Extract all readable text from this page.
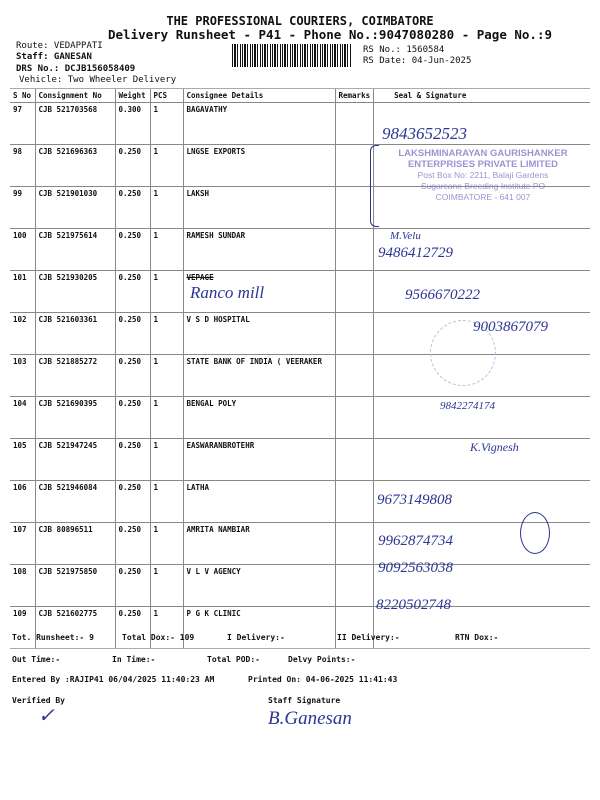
THE PROFESSIONAL COURIERS, COIMBATORE
Delivery Runsheet - P41 - Phone No.:9047080280 - Page No.:9
Route: VEDAPPATI
Staff: GANESAN
DRS No.: DCJB156058409
Vehicle: Two Wheeler Delivery
RS No.: 1560584
RS Date: 04-Jun-2025
S No	Consignment No	Weight	PCS	Consignee Details	Remarks	Seal & Signature
97	CJB 521703568	0.300	1	BAGAVATHY		
98	CJB 521696363	0.250	1	LNGSE EXPORTS		
99	CJB 521901030	0.250	1	LAKSH		
100	CJB 521975614	0.250	1	RAMESH SUNDAR		
101	CJB 521930205	0.250	1	VEPAGE		
102	CJB 521603361	0.250	1	V S D HOSPITAL		
103	CJB 521885272	0.250	1	STATE BANK OF INDIA ( VEERAKER		
104	CJB 521690395	0.250	1	BENGAL POLY		
105	CJB 521947245	0.250	1	EASWARANBROTEHR		
106	CJB 521946084	0.250	1	LATHA		
107	CJB 80896511	0.250	1	AMRITA NAMBIAR		
108	CJB 521975850	0.250	1	V L V AGENCY		
109	CJB 521602775	0.250	1	P G K CLINIC		
LAKSHMINARAYAN GAURISHANKER
ENTERPRISES PRIVATE LIMITED
Post Box No: 2211, Balaji Gardens
Sugarcane Breeding Institute PO
COIMBATORE - 641 007
9843652523
M.Velu
9486412729
Ranco mill	9566670222
9003867079
9842274174
K.Vignesh
9673149808
9962874734
9092563038
8220502748
Tot. Runsheet:- 9	Total Dox:- 109	I Delivery:-	II Delivery:-	RTN Dox:-
Out Time:-	In Time:-	Total POD:-	Delvy Points:-
Entered By :RAJIP41 06/04/2025 11:40:23 AM	Printed On: 04-06-2025 11:41:43
Verified By
✓
Staff Signature
B.Ganesan
